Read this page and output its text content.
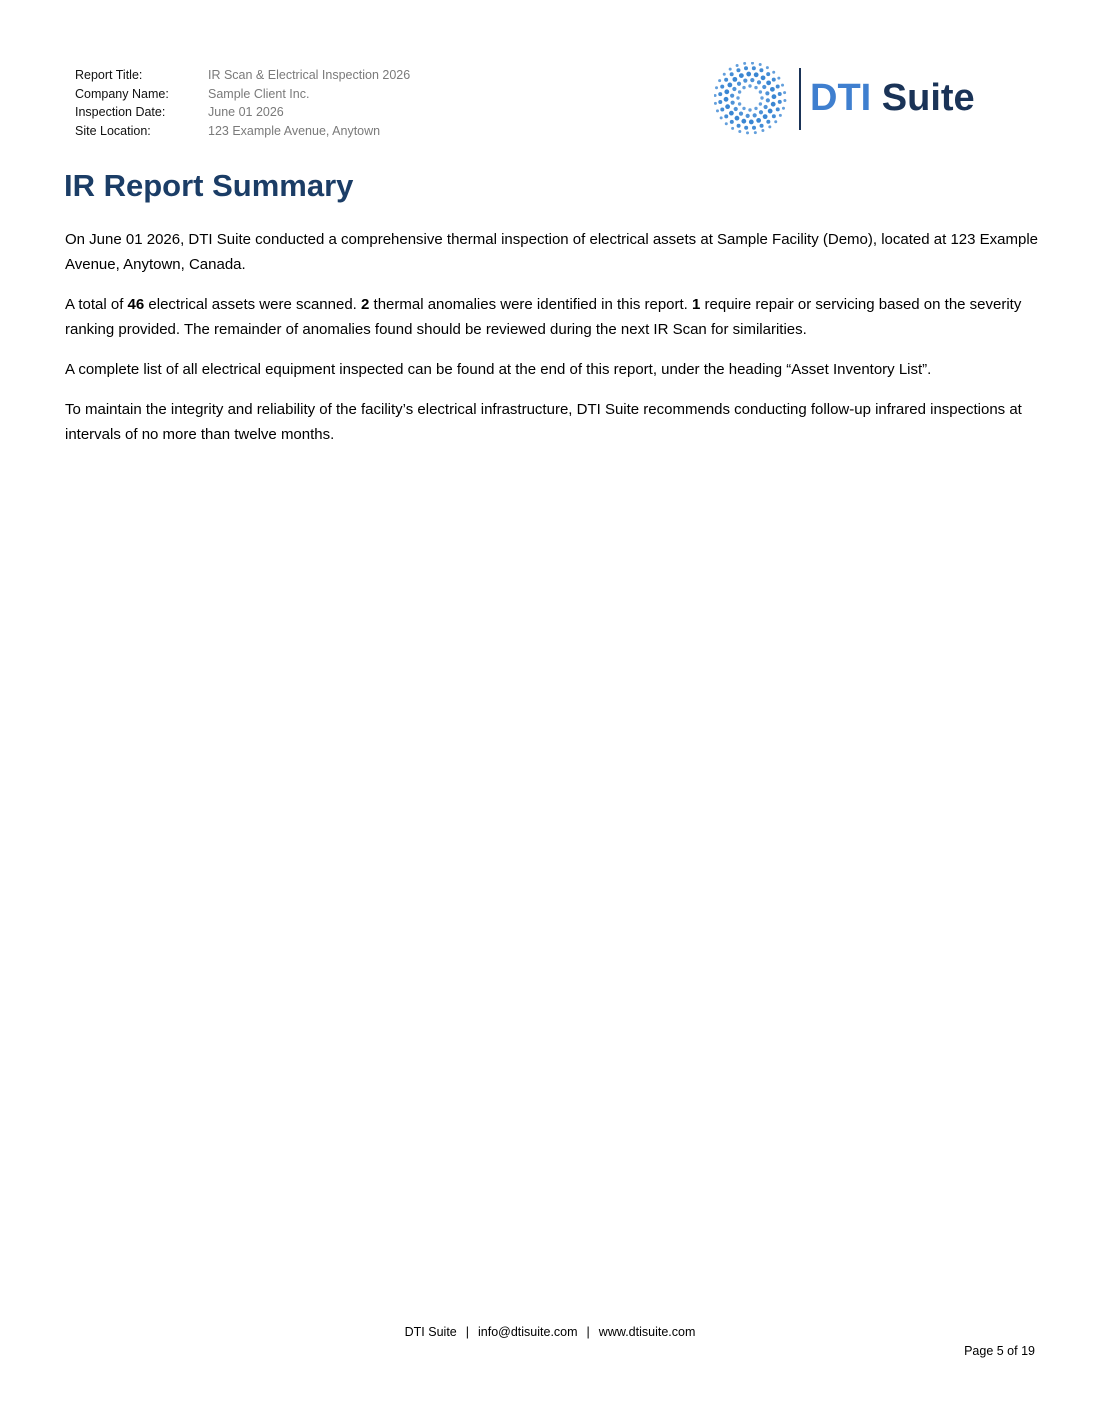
Report Title:	IR Scan & Electrical Inspection 2026
Company Name:	Sample Client Inc.
Inspection Date:	June 01 2026
Site Location:	123 Example Avenue, Anytown
DTI Suite
IR Report Summary

On June 01 2026, DTI Suite conducted a comprehensive thermal inspection of electrical assets at Sample Facility (Demo), located at 123 Example Avenue, Anytown, Canada.

A total of 46 electrical assets were scanned. 2 thermal anomalies were identified in this report. 1 require repair or servicing based on the severity ranking provided. The remainder of anomalies found should be reviewed during the next IR Scan for similarities.

A complete list of all electrical equipment inspected can be found at the end of this report, under the heading “Asset Inventory List”.

To maintain the integrity and reliability of the facility’s electrical infrastructure, DTI Suite recommends conducting follow-up infrared inspections at intervals of no more than twelve months.

DTI Suite | info@dtisuite.com | www.dtisuite.com
Page 5 of 19
